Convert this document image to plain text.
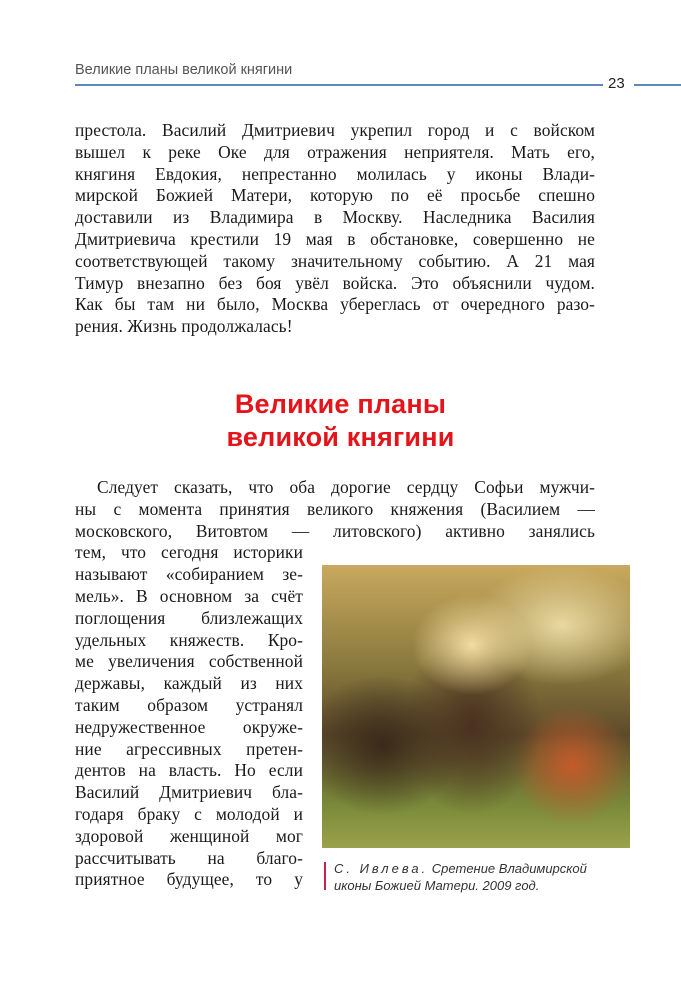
Великие планы великой княгини
23
престола. Василий Дмитриевич укрепил город и с войском
вышел к реке Оке для отражения неприятеля. Мать его,
княгиня Евдокия, непрестанно молилась у иконы Влади-
мирской Божией Матери, которую по её просьбе спешно
доставили из Владимира в Москву. Наследника Василия
Дмитриевича крестили 19 мая в обстановке, совершенно не
соответствующей такому значительному событию. А 21 мая
Тимур внезапно без боя увёл войска. Это объяснили чудом.
Как бы там ни было, Москва уберeглась от очередного разо-
рения. Жизнь продолжалась!
Великие планы
великой княгини
Следует сказать, что оба дорогие сердцу Софьи мужчи-
ны с момента принятия великого княжения (Василием —
московского, Витовтом — литовского) активно занялись
тем, что сегодня историки
называют «собиранием зе-
мель». В основном за счёт
поглощения близлежащих
удельных княжеств. Кро-
ме увеличения собственной
державы, каждый из них
таким образом устранял
недружественное окруже-
ние агрессивных претен-
дентов на власть. Но если
Василий Дмитриевич бла-
годаря браку с молодой и
здоровой женщиной мог
рассчитывать на благо-
приятное будущее, то у
С. Ивлева. Сретение Владимирской
иконы Божией Матери. 2009 год.
